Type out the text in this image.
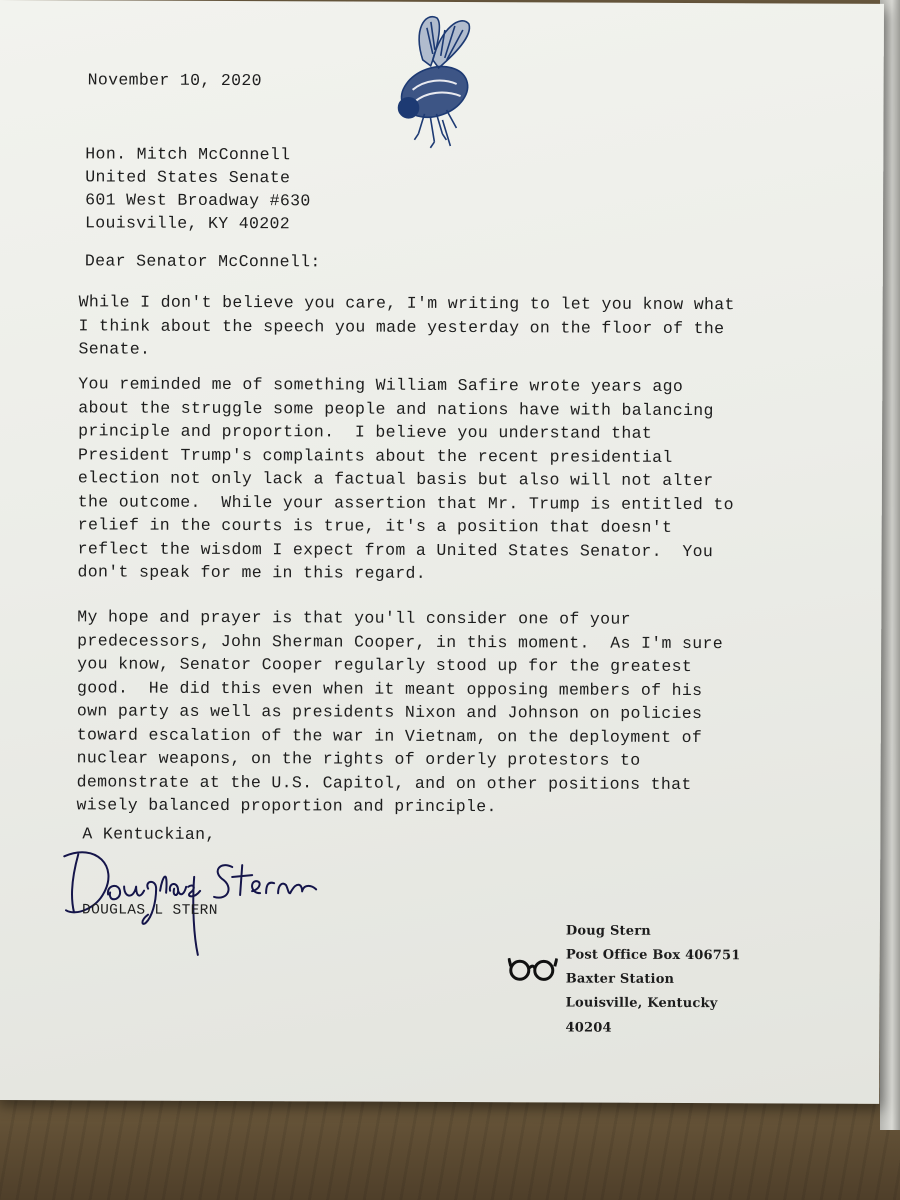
November 10, 2020
Hon. Mitch McConnell
United States Senate
601 West Broadway #630
Louisville, KY 40202
Dear Senator McConnell:
While I don't believe you care, I'm writing to let you know what
I think about the speech you made yesterday on the floor of the
Senate.
You reminded me of something William Safire wrote years ago
about the struggle some people and nations have with balancing
principle and proportion.  I believe you understand that
President Trump's complaints about the recent presidential
election not only lack a factual basis but also will not alter
the outcome.  While your assertion that Mr. Trump is entitled to
relief in the courts is true, it's a position that doesn't
reflect the wisdom I expect from a United States Senator.  You
don't speak for me in this regard.
My hope and prayer is that you'll consider one of your
predecessors, John Sherman Cooper, in this moment.  As I'm sure
you know, Senator Cooper regularly stood up for the greatest
good.  He did this even when it meant opposing members of his
own party as well as presidents Nixon and Johnson on policies
toward escalation of the war in Vietnam, on the deployment of
nuclear weapons, on the rights of orderly protestors to
demonstrate at the U.S. Capitol, and on other positions that
wisely balanced proportion and principle.
A Kentuckian,
DOUGLAS L STERN
Doug Stern
Post Office Box 406751
Baxter Station
Louisville, Kentucky
40204
